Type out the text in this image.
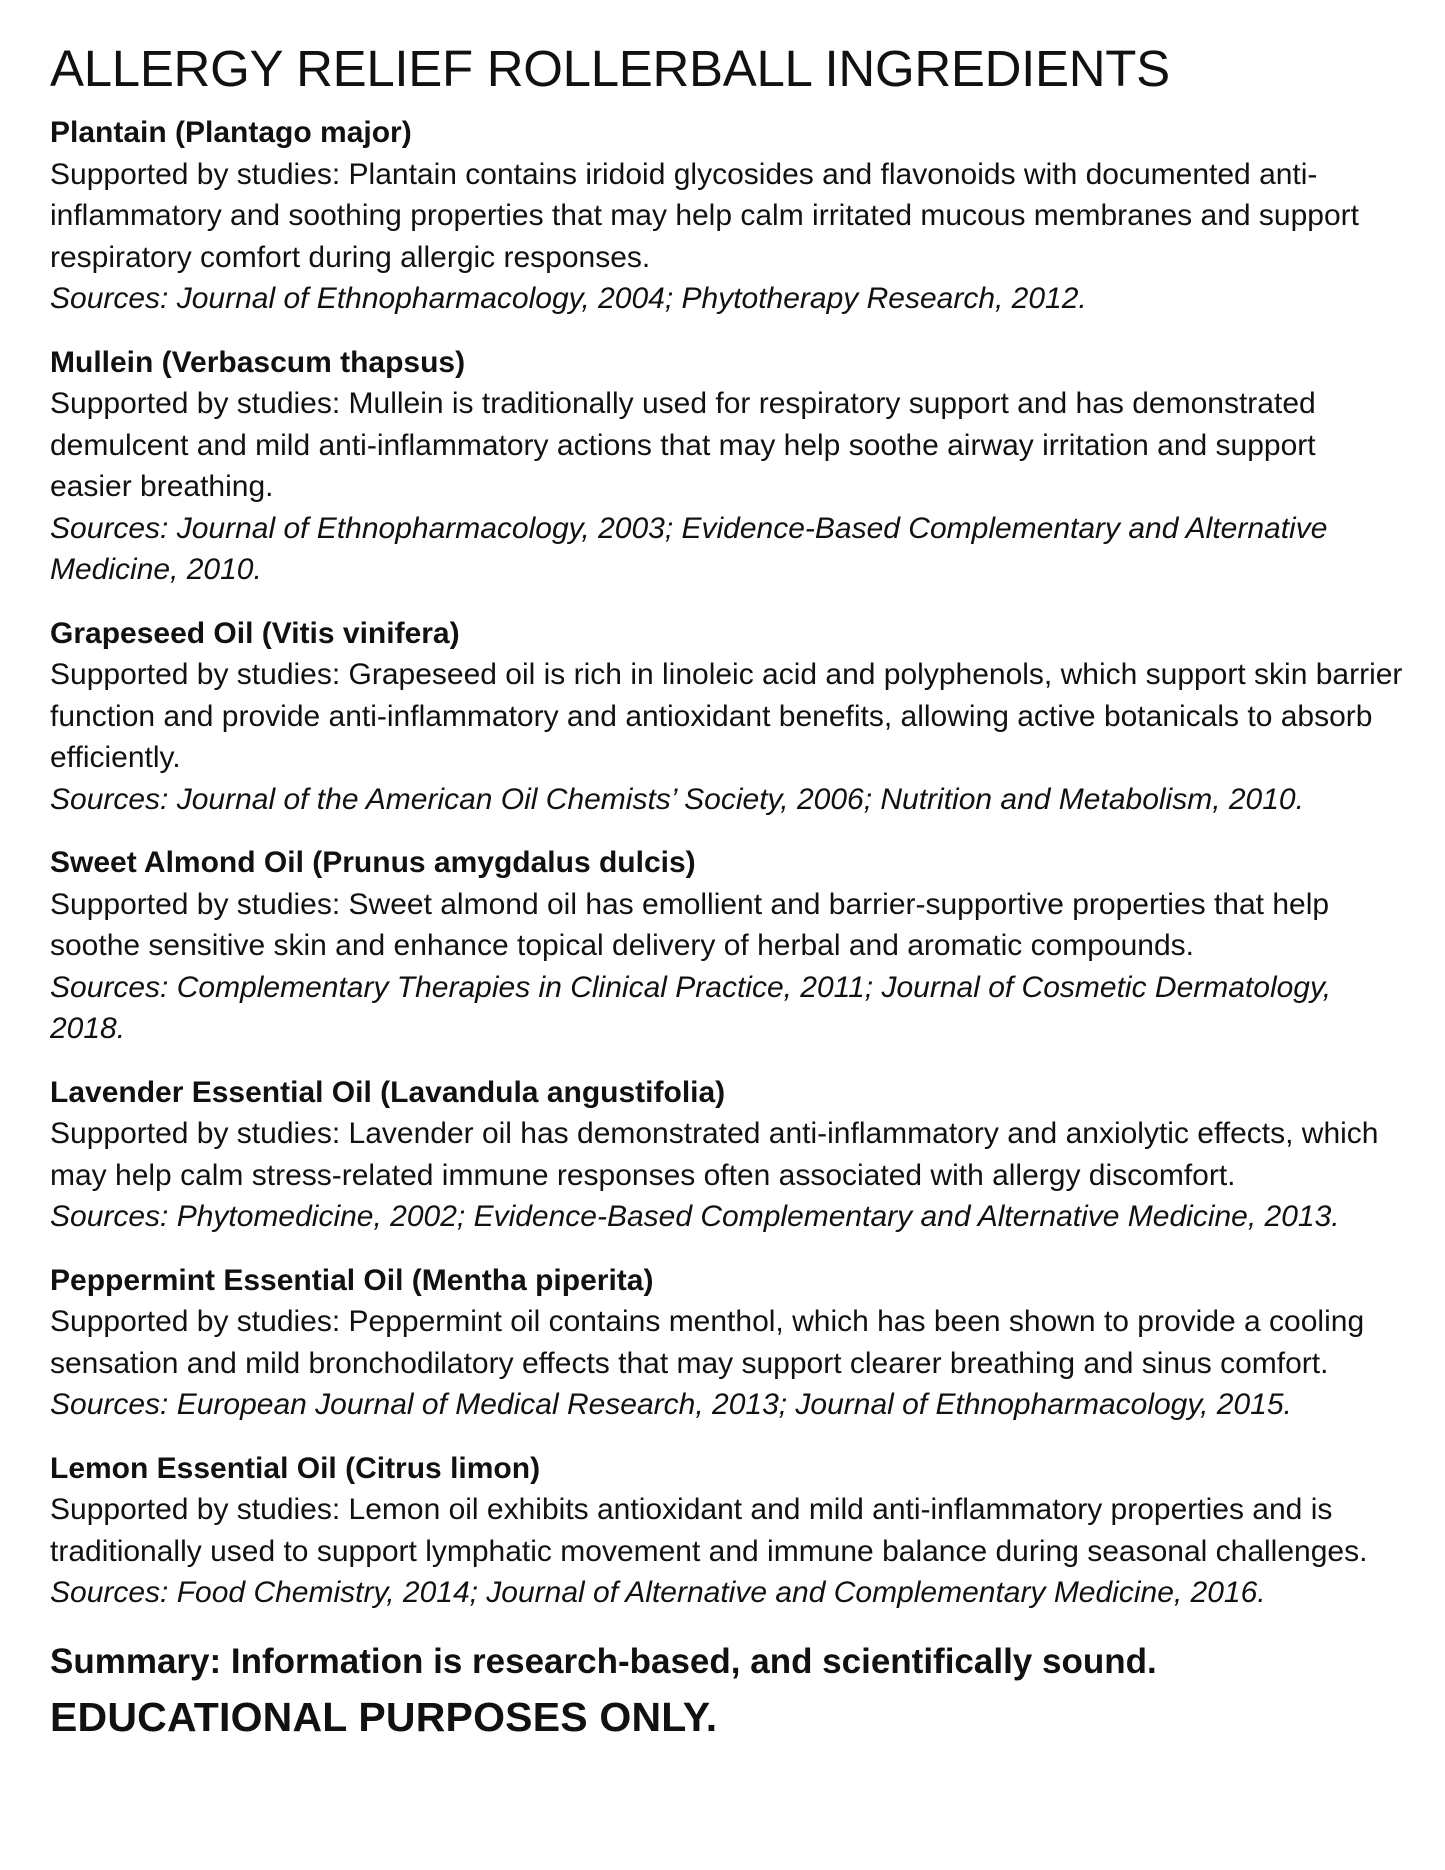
ALLERGY RELIEF ROLLERBALL INGREDIENTS
Plantain (Plantago major)
Supported by studies: Plantain contains iridoid glycosides and flavonoids with documented anti-inflammatory and soothing properties that may help calm irritated mucous membranes and support respiratory comfort during allergic responses.
Sources: Journal of Ethnopharmacology, 2004; Phytotherapy Research, 2012.
Mullein (Verbascum thapsus)
Supported by studies: Mullein is traditionally used for respiratory support and has demonstrated demulcent and mild anti-inflammatory actions that may help soothe airway irritation and support easier breathing.
Sources: Journal of Ethnopharmacology, 2003; Evidence-Based Complementary and Alternative Medicine, 2010.
Grapeseed Oil (Vitis vinifera)
Supported by studies: Grapeseed oil is rich in linoleic acid and polyphenols, which support skin barrier function and provide anti-inflammatory and antioxidant benefits, allowing active botanicals to absorb efficiently.
Sources: Journal of the American Oil Chemists’ Society, 2006; Nutrition and Metabolism, 2010.
Sweet Almond Oil (Prunus amygdalus dulcis)
Supported by studies: Sweet almond oil has emollient and barrier-supportive properties that help soothe sensitive skin and enhance topical delivery of herbal and aromatic compounds.
Sources: Complementary Therapies in Clinical Practice, 2011; Journal of Cosmetic Dermatology, 2018.
Lavender Essential Oil (Lavandula angustifolia)
Supported by studies: Lavender oil has demonstrated anti-inflammatory and anxiolytic effects, which may help calm stress-related immune responses often associated with allergy discomfort.
Sources: Phytomedicine, 2002; Evidence-Based Complementary and Alternative Medicine, 2013.
Peppermint Essential Oil (Mentha piperita)
Supported by studies: Peppermint oil contains menthol, which has been shown to provide a cooling sensation and mild bronchodilatory effects that may support clearer breathing and sinus comfort.
Sources: European Journal of Medical Research, 2013; Journal of Ethnopharmacology, 2015.
Lemon Essential Oil (Citrus limon)
Supported by studies: Lemon oil exhibits antioxidant and mild anti-inflammatory properties and is traditionally used to support lymphatic movement and immune balance during seasonal challenges.
Sources: Food Chemistry, 2014; Journal of Alternative and Complementary Medicine, 2016.
Summary: Information is research-based, and scientifically sound.
EDUCATIONAL PURPOSES ONLY.
